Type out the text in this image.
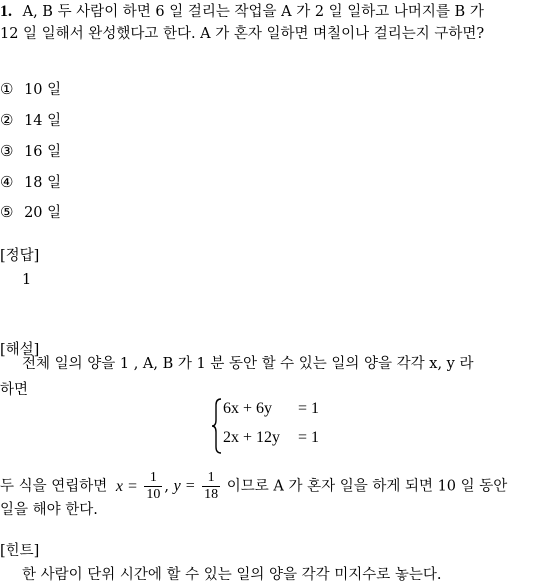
1. A, B 두 사람이 하면 6 일 걸리는 작업을 A 가 2 일 일하고 나머지를 B 가
12 일 일해서 완성했다고 한다. A 가 혼자 일하면 며칠이나 걸리는지 구하면?
① 10 일
② 14 일
③ 16 일
④ 18 일
⑤ 20 일
[정답]
1
[해설]
전체 일의 양을 1 , A, B 가 1 분 동안 할 수 있는 일의 양을 각각 x, y 라
하면
6x + 6y = 1
2x + 12y = 1
두 식을 연립하면 $x = \frac{1}{10}$ , $y = \frac{1}{18}$ 이므로 A 가 혼자 일을 하게 되면 10 일 동안
일을 해야 한다.
[힌트]
한 사람이 단위 시간에 할 수 있는 일의 양을 각각 미지수로 놓는다.
